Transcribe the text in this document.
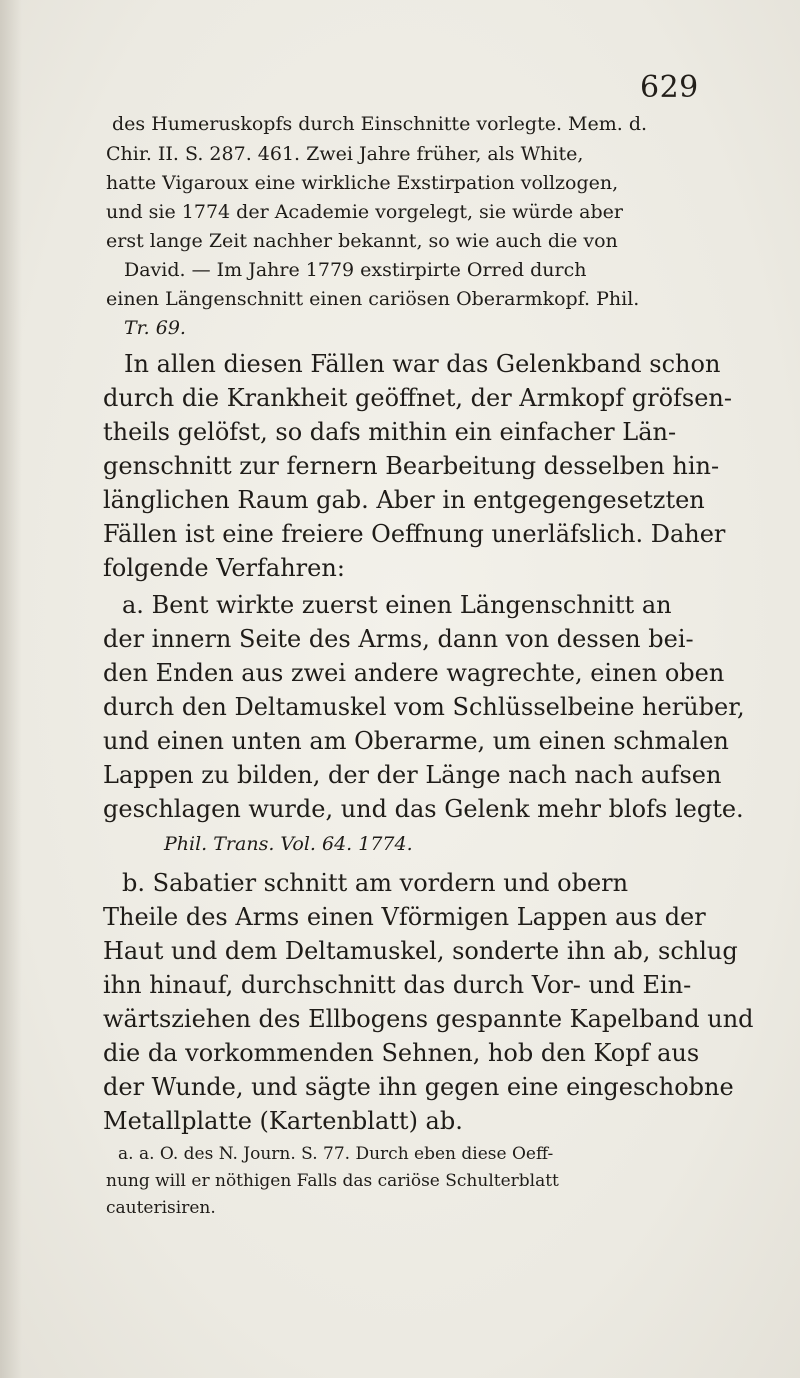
629
des Humeruskopfs durch Einschnitte vorlegte. Mem. d.
Chir. II. S. 287. 461. Zwei Jahre früher, als White,
hatte Vigaroux eine wirkliche Exstirpation vollzogen,
und sie 1774 der Academie vorgelegt, sie würde aber
erst lange Zeit nachher bekannt, so wie auch die von
David. — Im Jahre 1779 exstirpirte Orred durch
einen Längenschnitt einen cariösen Oberarmkopf. Phil.
Tr. 69.
In allen diesen Fällen war das Gelenkband schon
durch die Krankheit geöffnet, der Armkopf gröfsen-
theils gelöfst, so dafs mithin ein einfacher Län-
genschnitt zur fernern Bearbeitung desselben hin-
länglichen Raum gab. Aber in entgegengesetzten
Fällen ist eine freiere Oeffnung unerläfslich. Daher
folgende Verfahren:
a. Bent wirkte zuerst einen Längenschnitt an
der innern Seite des Arms, dann von dessen bei-
den Enden aus zwei andere wagrechte, einen oben
durch den Deltamuskel vom Schlüsselbeine herüber,
und einen unten am Oberarme, um einen schmalen
Lappen zu bilden, der der Länge nach nach aufsen
geschlagen wurde, und das Gelenk mehr blofs legte.
Phil. Trans. Vol. 64. 1774.
b. Sabatier schnitt am vordern und obern
Theile des Arms einen Vförmigen Lappen aus der
Haut und dem Deltamuskel, sonderte ihn ab, schlug
ihn hinauf, durchschnitt das durch Vor- und Ein-
wärtsziehen des Ellbogens gespannte Kapelband und
die da vorkommenden Sehnen, hob den Kopf aus
der Wunde, und sägte ihn gegen eine eingeschobne
Metallplatte (Kartenblatt) ab.
a. a. O. des N. Journ. S. 77. Durch eben diese Oeff-
nung will er nöthigen Falls das cariöse Schulterblatt
cauterisiren.
